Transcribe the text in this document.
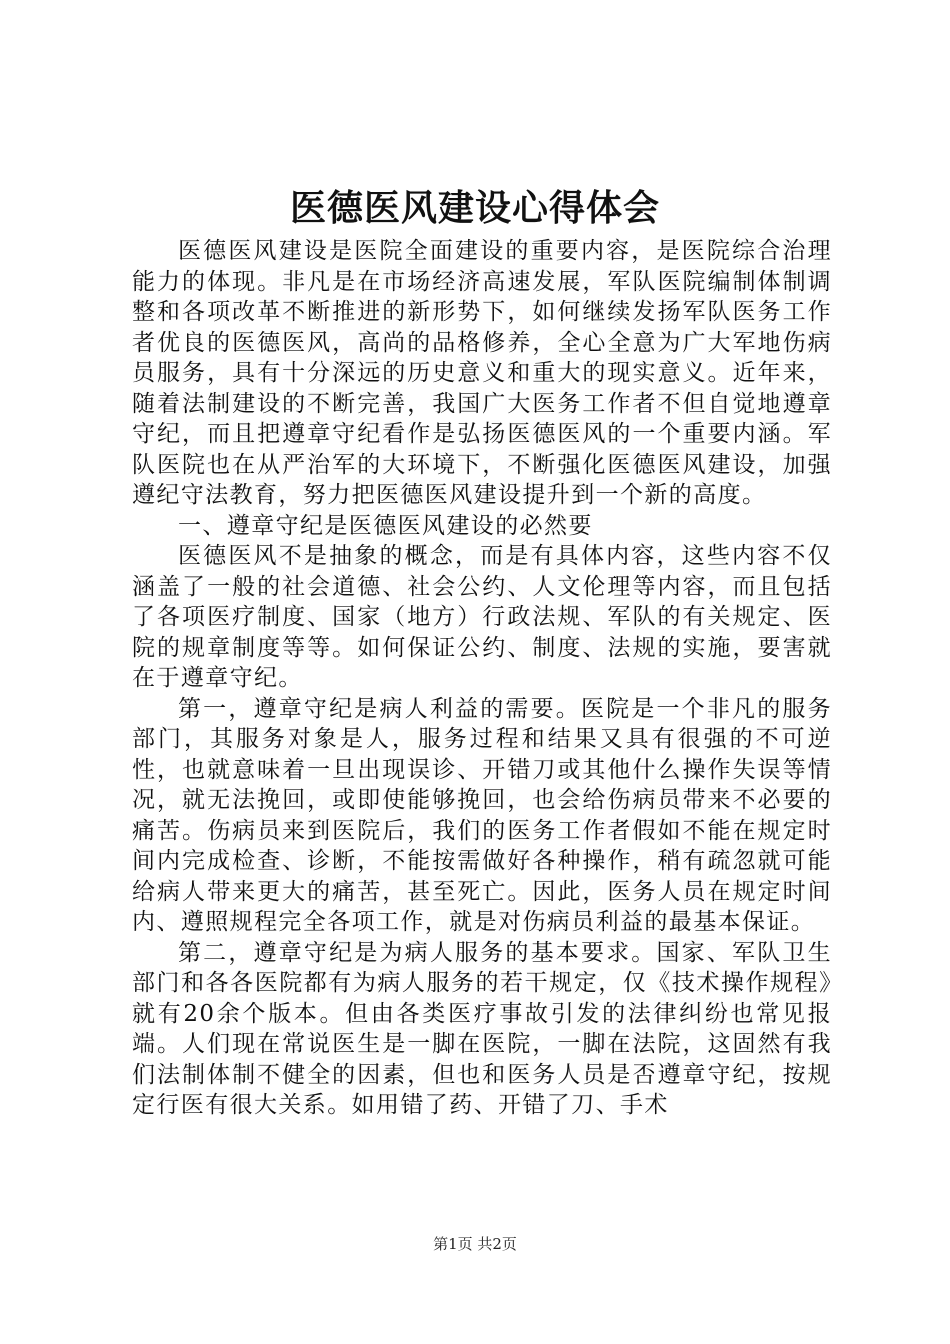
医德医风建设心得体会

医德医风建设是医院全面建设的重要内容，是医院综合治理能力的体现。非凡是在市场经济高速发展，军队医院编制体制调整和各项改革不断推进的新形势下，如何继续发扬军队医务工作者优良的医德医风，高尚的品格修养，全心全意为广大军地伤病员服务，具有十分深远的历史意义和重大的现实意义。近年来，随着法制建设的不断完善，我国广大医务工作者不但自觉地遵章守纪，而且把遵章守纪看作是弘扬医德医风的一个重要内涵。军队医院也在从严治军的大环境下，不断强化医德医风建设，加强遵纪守法教育，努力把医德医风建设提升到一个新的高度。

一、遵章守纪是医德医风建设的必然要

医德医风不是抽象的概念，而是有具体内容，这些内容不仅涵盖了一般的社会道德、社会公约、人文伦理等内容，而且包括了各项医疗制度、国家（地方）行政法规、军队的有关规定、医院的规章制度等等。如何保证公约、制度、法规的实施，要害就在于遵章守纪。

第一，遵章守纪是病人利益的需要。医院是一个非凡的服务部门，其服务对象是人，服务过程和结果又具有很强的不可逆性，也就意味着一旦出现误诊、开错刀或其他什么操作失误等情况，就无法挽回，或即使能够挽回，也会给伤病员带来不必要的痛苦。伤病员来到医院后，我们的医务工作者假如不能在规定时间内完成检查、诊断，不能按需做好各种操作，稍有疏忽就可能给病人带来更大的痛苦，甚至死亡。因此，医务人员在规定时间内、遵照规程完全各项工作，就是对伤病员利益的最基本保证。

第二，遵章守纪是为病人服务的基本要求。国家、军队卫生部门和各各医院都有为病人服务的若干规定，仅《技术操作规程》就有20余个版本。但由各类医疗事故引发的法律纠纷也常见报端。人们现在常说医生是一脚在医院，一脚在法院，这固然有我们法制体制不健全的因素，但也和医务人员是否遵章守纪，按规定行医有很大关系。如用错了药、开错了刀、手术

第1页 共2页
